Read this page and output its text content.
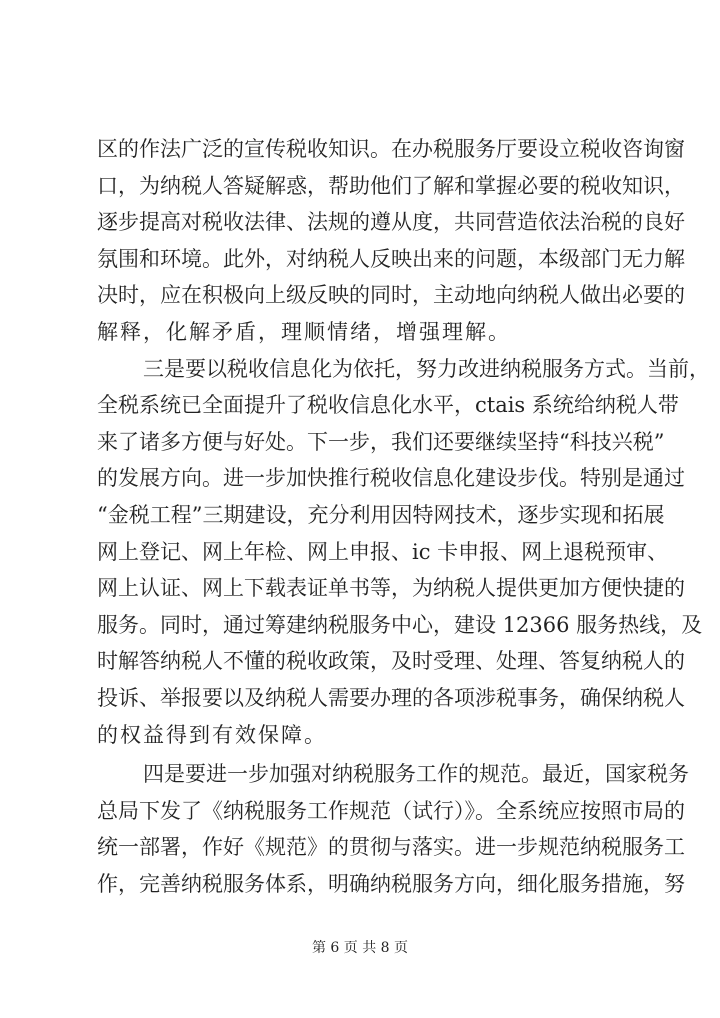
区的作法广泛的宣传税收知识。在办税服务厅要设立税收咨询窗
口，为纳税人答疑解惑，帮助他们了解和掌握必要的税收知识，
逐步提高对税收法律、法规的遵从度，共同营造依法治税的良好
氛围和环境。此外，对纳税人反映出来的问题，本级部门无力解
决时，应在积极向上级反映的同时，主动地向纳税人做出必要的
解释，化解矛盾，理顺情绪，增强理解。
三是要以税收信息化为依托，努力改进纳税服务方式。当前，
全税系统已全面提升了税收信息化水平，ctais 系统给纳税人带
来了诸多方便与好处。下一步，我们还要继续坚持“科技兴税”
的发展方向。进一步加快推行税收信息化建设步伐。特别是通过
“金税工程”三期建设，充分利用因特网技术，逐步实现和拓展
网上登记、网上年检、网上申报、ic 卡申报、网上退税预审、
网上认证、网上下载表证单书等，为纳税人提供更加方便快捷的
服务。同时，通过筹建纳税服务中心，建设 12366 服务热线，及
时解答纳税人不懂的税收政策，及时受理、处理、答复纳税人的
投诉、举报要以及纳税人需要办理的各项涉税事务，确保纳税人
的权益得到有效保障。
四是要进一步加强对纳税服务工作的规范。最近，国家税务
总局下发了《纳税服务工作规范（试行）》。全系统应按照市局的
统一部署，作好《规范》的贯彻与落实。进一步规范纳税服务工
作，完善纳税服务体系，明确纳税服务方向，细化服务措施，努
第 6 页 共 8 页
